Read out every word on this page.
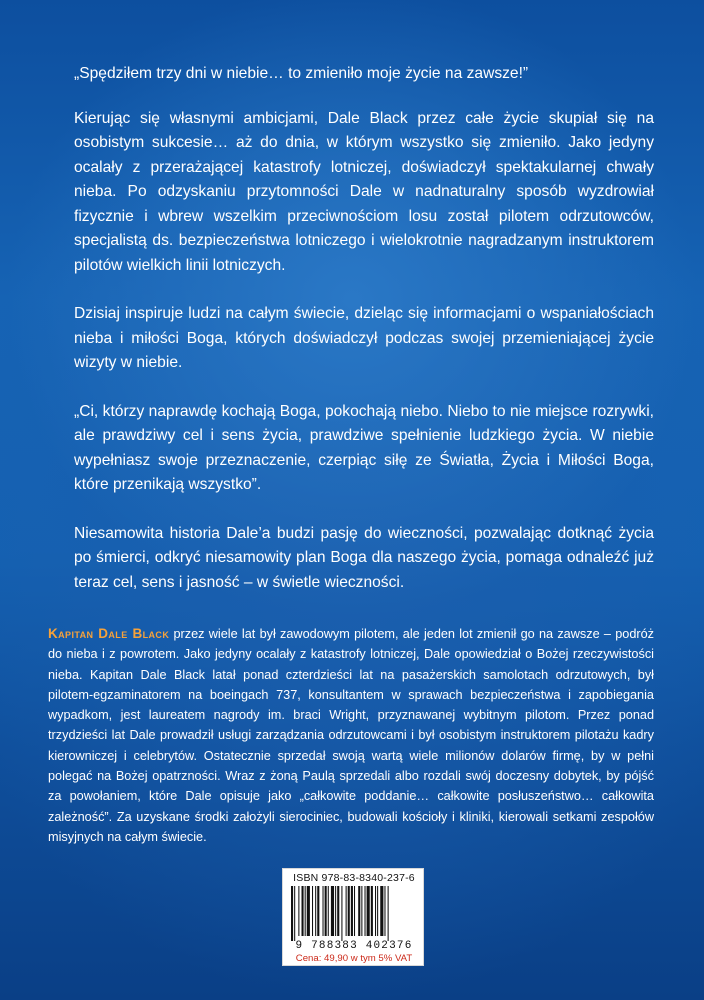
„Spędziłem trzy dni w niebie… to zmieniło moje życie na zawsze!”

Kierując się własnymi ambicjami, Dale Black przez całe życie skupiał się na osobistym sukcesie… aż do dnia, w którym wszystko się zmieniło. Jako jedyny ocalały z przerażającej katastrofy lotniczej, doświadczył spektakularnej chwały nieba. Po odzyskaniu przytomności Dale w nadnaturalny sposób wyzdrowiał fizycznie i wbrew wszelkim przeciwnościom losu został pilotem odrzutowców, specjalistą ds. bezpieczeństwa lotniczego i wielokrotnie nagradzanym instruktorem pilotów wielkich linii lotniczych.

Dzisiaj inspiruje ludzi na całym świecie, dzieląc się informacjami o wspaniałościach nieba i miłości Boga, których doświadczył podczas swojej przemieniającej życie wizyty w niebie.

„Ci, którzy naprawdę kochają Boga, pokochają niebo. Niebo to nie miejsce rozrywki, ale prawdziwy cel i sens życia, prawdziwe spełnienie ludzkiego życia. W niebie wypełniasz swoje przeznaczenie, czerpiąc siłę ze Światła, Życia i Miłości Boga, które przenikają wszystko”.

Niesamowita historia Dale’a budzi pasję do wieczności, pozwalając dotknąć życia po śmierci, odkryć niesamowity plan Boga dla naszego życia, pomaga odnaleźć już teraz cel, sens i jasność – w świetle wieczności.

Kapitan Dale Black przez wiele lat był zawodowym pilotem, ale jeden lot zmienił go na zawsze – podróż do nieba i z powrotem. Jako jedyny ocalały z katastrofy lotniczej, Dale opowiedział o Bożej rzeczywistości nieba. Kapitan Dale Black latał ponad czterdzieści lat na pasażerskich samolotach odrzutowych, był pilotem-egzaminatorem na boeingach 737, konsultantem w sprawach bezpieczeństwa i zapobiegania wypadkom, jest laureatem nagrody im. braci Wright, przyznawanej wybitnym pilotom. Przez ponad trzydzieści lat Dale prowadził usługi zarządzania odrzutowcami i był osobistym instruktorem pilotażu kadry kierowniczej i celebrytów. Ostatecznie sprzedał swoją wartą wiele milionów dolarów firmę, by w pełni polegać na Bożej opatrzności. Wraz z żoną Paulą sprzedali albo rozdali swój doczesny dobytek, by pójść za powołaniem, które Dale opisuje jako „całkowite poddanie… całkowite posłuszeństwo… całkowita zależność”. Za uzyskane środki założyli sierociniec, budowali kościoły i kliniki, kierowali setkami zespołów misyjnych na całym świecie.

ISBN 978-83-8340-237-6
9 788383 402376
Cena: 49,90 w tym 5% VAT
